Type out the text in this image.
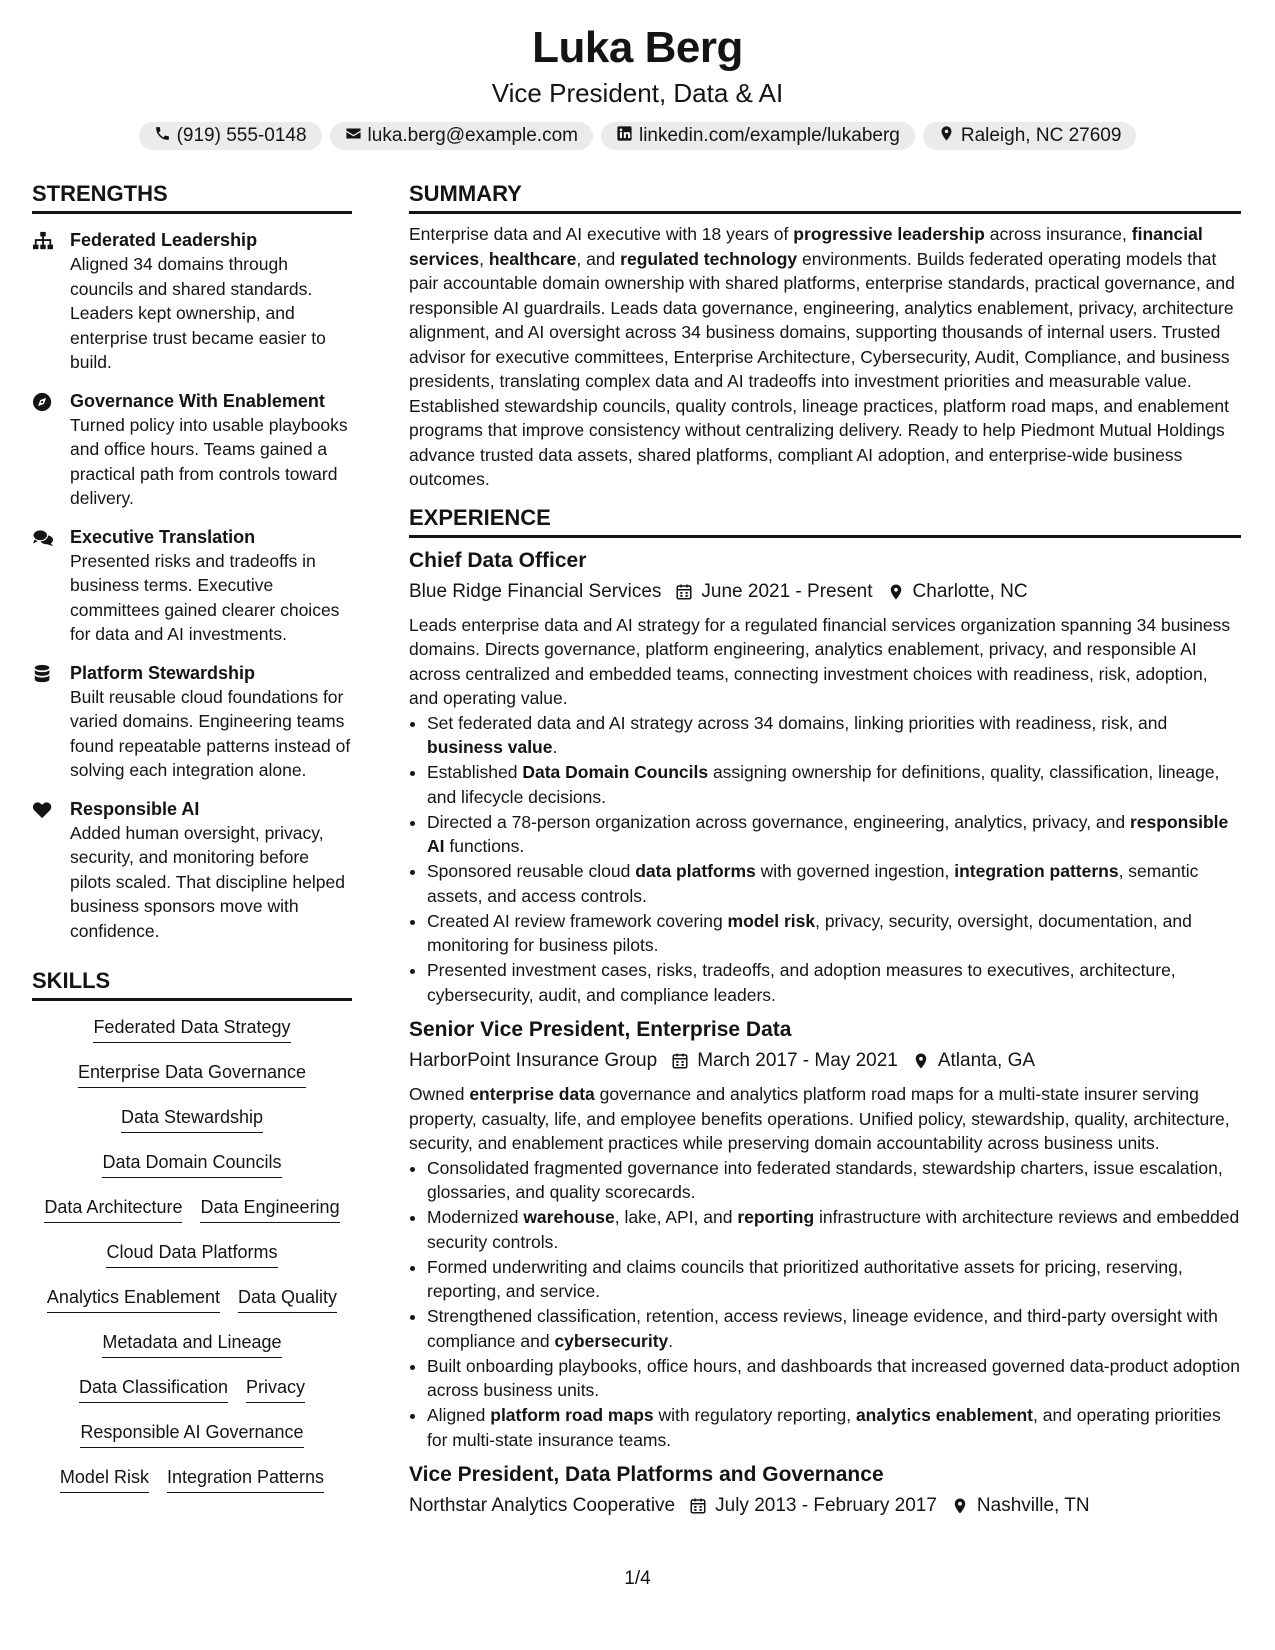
Luka Berg
Vice President, Data & AI
(919) 555-0148	luka.berg@example.com	linkedin.com/example/lukaberg	Raleigh, NC 27609
STRENGTHS
Federated Leadership
Aligned 34 domains through councils and shared standards. Leaders kept ownership, and enterprise trust became easier to build.
Governance With Enablement
Turned policy into usable playbooks and office hours. Teams gained a practical path from controls toward delivery.
Executive Translation
Presented risks and tradeoffs in business terms. Executive committees gained clearer choices for data and AI investments.
Platform Stewardship
Built reusable cloud foundations for varied domains. Engineering teams found repeatable patterns instead of solving each integration alone.
Responsible AI
Added human oversight, privacy, security, and monitoring before pilots scaled. That discipline helped business sponsors move with confidence.
SKILLS
Federated Data Strategy
Enterprise Data Governance
Data Stewardship
Data Domain Councils
Data Architecture Data Engineering
Cloud Data Platforms
Analytics Enablement Data Quality
Metadata and Lineage
Data Classification Privacy
Responsible AI Governance
Model Risk Integration Patterns
SUMMARY
Enterprise data and AI executive with 18 years of progressive leadership across insurance, financial services, healthcare, and regulated technology environments. Builds federated operating models that pair accountable domain ownership with shared platforms, enterprise standards, practical governance, and responsible AI guardrails. Leads data governance, engineering, analytics enablement, privacy, architecture alignment, and AI oversight across 34 business domains, supporting thousands of internal users. Trusted advisor for executive committees, Enterprise Architecture, Cybersecurity, Audit, Compliance, and business presidents, translating complex data and AI tradeoffs into investment priorities and measurable value. Established stewardship councils, quality controls, lineage practices, platform road maps, and enablement programs that improve consistency without centralizing delivery. Ready to help Piedmont Mutual Holdings advance trusted data assets, shared platforms, compliant AI adoption, and enterprise-wide business outcomes.
EXPERIENCE
Chief Data Officer
Blue Ridge Financial Services June 2021 - Present Charlotte, NC
Leads enterprise data and AI strategy for a regulated financial services organization spanning 34 business domains. Directs governance, platform engineering, analytics enablement, privacy, and responsible AI across centralized and embedded teams, connecting investment choices with readiness, risk, adoption, and operating value.
• Set federated data and AI strategy across 34 domains, linking priorities with readiness, risk, and business value.
• Established Data Domain Councils assigning ownership for definitions, quality, classification, lineage, and lifecycle decisions.
• Directed a 78-person organization across governance, engineering, analytics, privacy, and responsible AI functions.
• Sponsored reusable cloud data platforms with governed ingestion, integration patterns, semantic assets, and access controls.
• Created AI review framework covering model risk, privacy, security, oversight, documentation, and monitoring for business pilots.
• Presented investment cases, risks, tradeoffs, and adoption measures to executives, architecture, cybersecurity, audit, and compliance leaders.
Senior Vice President, Enterprise Data
HarborPoint Insurance Group March 2017 - May 2021 Atlanta, GA
Owned enterprise data governance and analytics platform road maps for a multi-state insurer serving property, casualty, life, and employee benefits operations. Unified policy, stewardship, quality, architecture, security, and enablement practices while preserving domain accountability across business units.
• Consolidated fragmented governance into federated standards, stewardship charters, issue escalation, glossaries, and quality scorecards.
• Modernized warehouse, lake, API, and reporting infrastructure with architecture reviews and embedded security controls.
• Formed underwriting and claims councils that prioritized authoritative assets for pricing, reserving, reporting, and service.
• Strengthened classification, retention, access reviews, lineage evidence, and third-party oversight with compliance and cybersecurity.
• Built onboarding playbooks, office hours, and dashboards that increased governed data-product adoption across business units.
• Aligned platform road maps with regulatory reporting, analytics enablement, and operating priorities for multi-state insurance teams.
Vice President, Data Platforms and Governance
Northstar Analytics Cooperative July 2013 - February 2017 Nashville, TN
1/4
